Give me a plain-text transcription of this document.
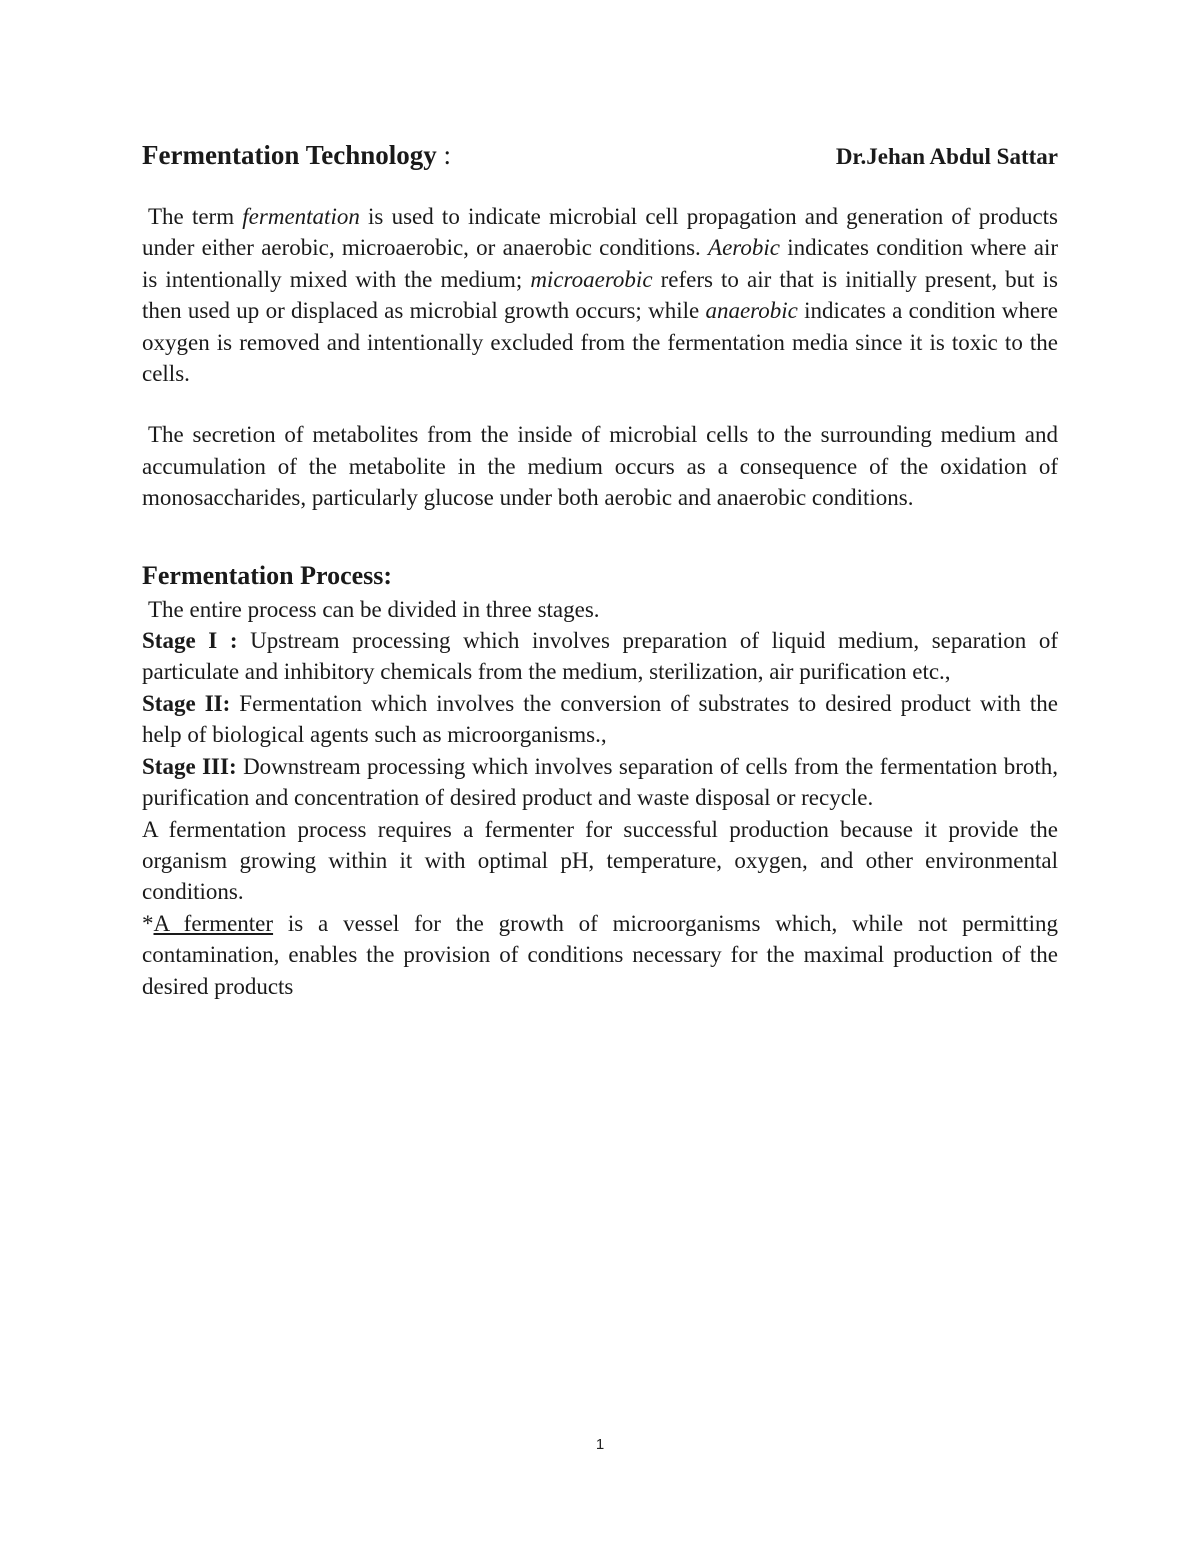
Fermentation Technology :	Dr.Jehan Abdul Sattar

The term fermentation is used to indicate microbial cell propagation and generation of products under either aerobic, microaerobic, or anaerobic conditions. Aerobic indicates condition where air is intentionally mixed with the medium; microaerobic refers to air that is initially present, but is then used up or displaced as microbial growth occurs; while anaerobic indicates a condition where oxygen is removed and intentionally excluded from the fermentation media since it is toxic to the cells.

The secretion of metabolites from the inside of microbial cells to the surrounding medium and accumulation of the metabolite in the medium occurs as a consequence of the oxidation of monosaccharides, particularly glucose under both aerobic and anaerobic conditions.

Fermentation Process:

The entire process can be divided in three stages.

Stage I : Upstream processing which involves preparation of liquid medium, separation of particulate and inhibitory chemicals from the medium, sterilization, air purification etc.,

Stage II: Fermentation which involves the conversion of substrates to desired product with the help of biological agents such as microorganisms.,

Stage III: Downstream processing which involves separation of cells from the fermentation broth, purification and concentration of desired product and waste disposal or recycle.

A fermentation process requires a fermenter for successful production because it provide the organism growing within it with optimal pH, temperature, oxygen, and other environmental conditions.

*A fermenter is a vessel for the growth of microorganisms which, while not permitting contamination, enables the provision of conditions necessary for the maximal production of the desired products

1
